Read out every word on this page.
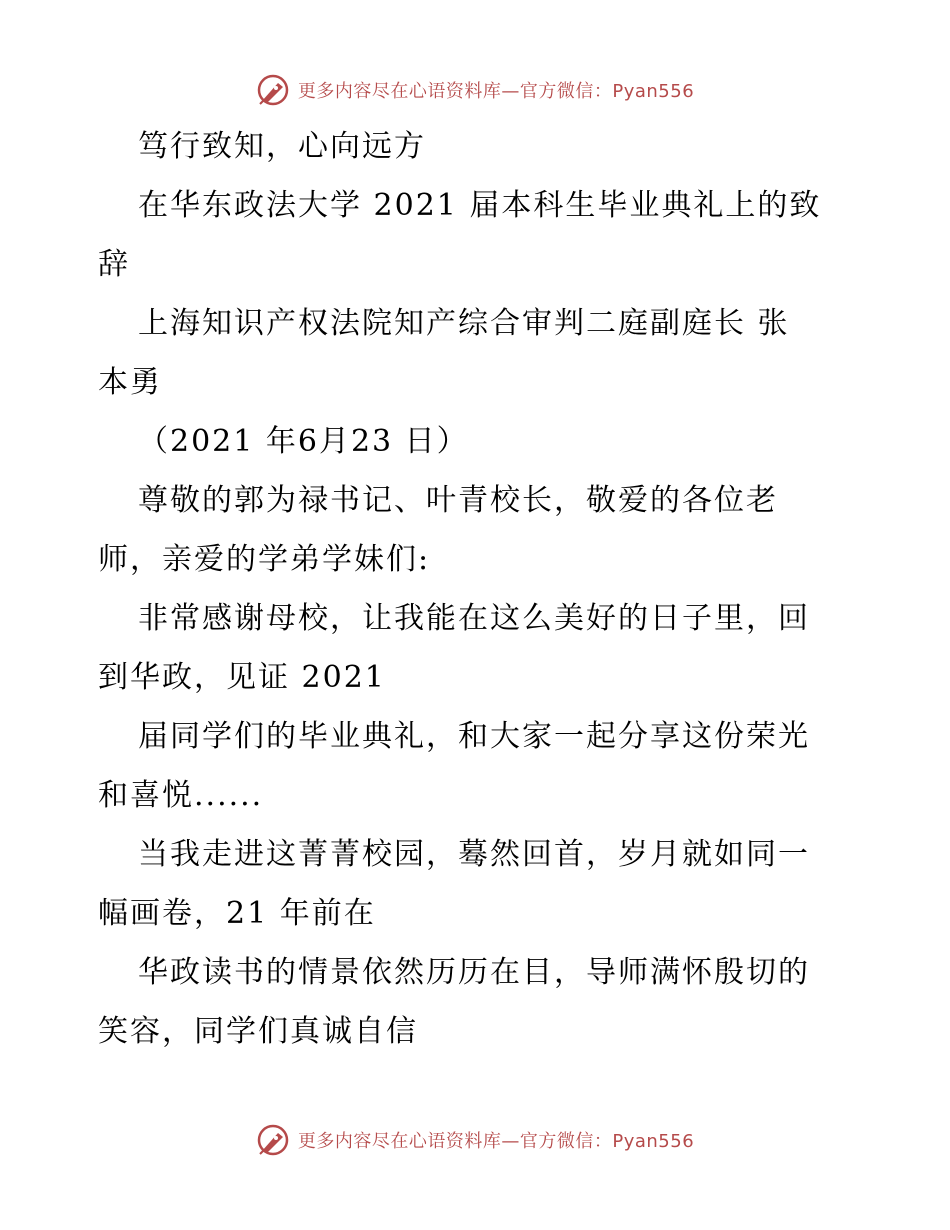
更多内容尽在心语资料库—官方微信：Pyan556
笃行致知，心向远方
在华东政法大学 2021 届本科生毕业典礼上的致
辞
上海知识产权法院知产综合审判二庭副庭长 张
本勇
（2021 年6月23 日）
尊敬的郭为禄书记、叶青校长，敬爱的各位老
师，亲爱的学弟学妹们:
非常感谢母校，让我能在这么美好的日子里，回
到华政，见证 2021
届同学们的毕业典礼，和大家一起分享这份荣光
和喜悦......
当我走进这菁菁校园，蓦然回首，岁月就如同一
幅画卷，21 年前在
华政读书的情景依然历历在目，导师满怀殷切的
笑容，同学们真诚自信
更多内容尽在心语资料库—官方微信：Pyan556
